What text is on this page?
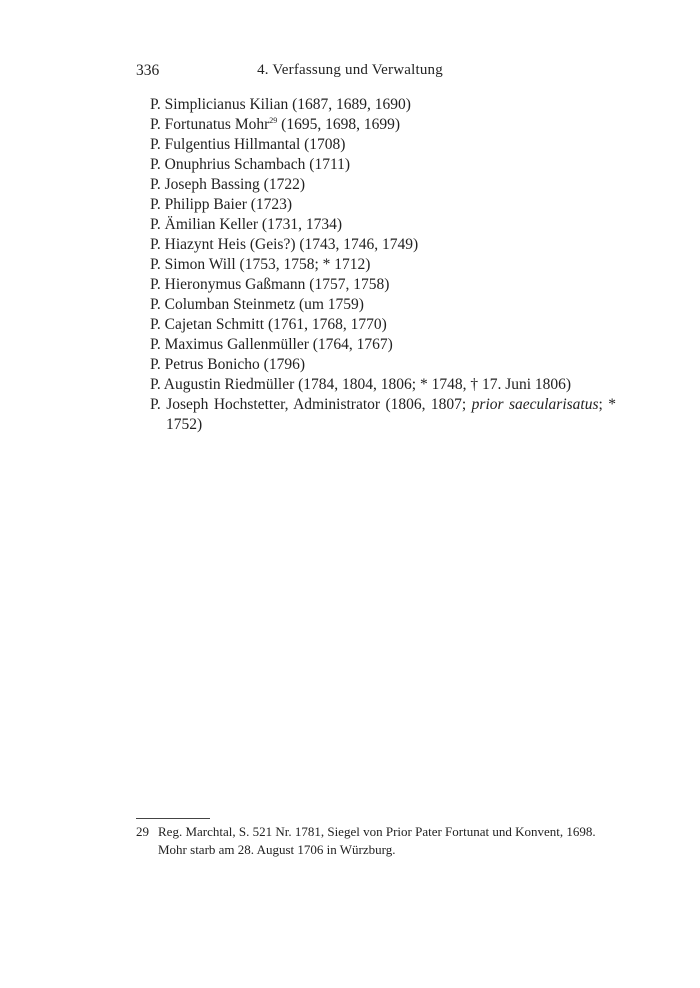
336	4. Verfassung und Verwaltung
P. Simplicianus Kilian (1687, 1689, 1690)
P. Fortunatus Mohr$^{29}$ (1695, 1698, 1699)
P. Fulgentius Hillmantal (1708)
P. Onuphrius Schambach (1711)
P. Joseph Bassing (1722)
P. Philipp Baier (1723)
P. Ämilian Keller (1731, 1734)
P. Hiazynt Heis (Geis?) (1743, 1746, 1749)
P. Simon Will (1753, 1758; * 1712)
P. Hieronymus Gaßmann (1757, 1758)
P. Columban Steinmetz (um 1759)
P. Cajetan Schmitt (1761, 1768, 1770)
P. Maximus Gallenmüller (1764, 1767)
P. Petrus Bonicho (1796)
P. Augustin Riedmüller (1784, 1804, 1806; * 1748, † 17. Juni 1806)
P. Joseph Hochstetter, Administrator (1806, 1807; prior saecularisatus; * 1752)
29 Reg. Marchtal, S. 521 Nr. 1781, Siegel von Prior Pater Fortunat und Konvent, 1698. Mohr starb am 28. August 1706 in Würzburg.
